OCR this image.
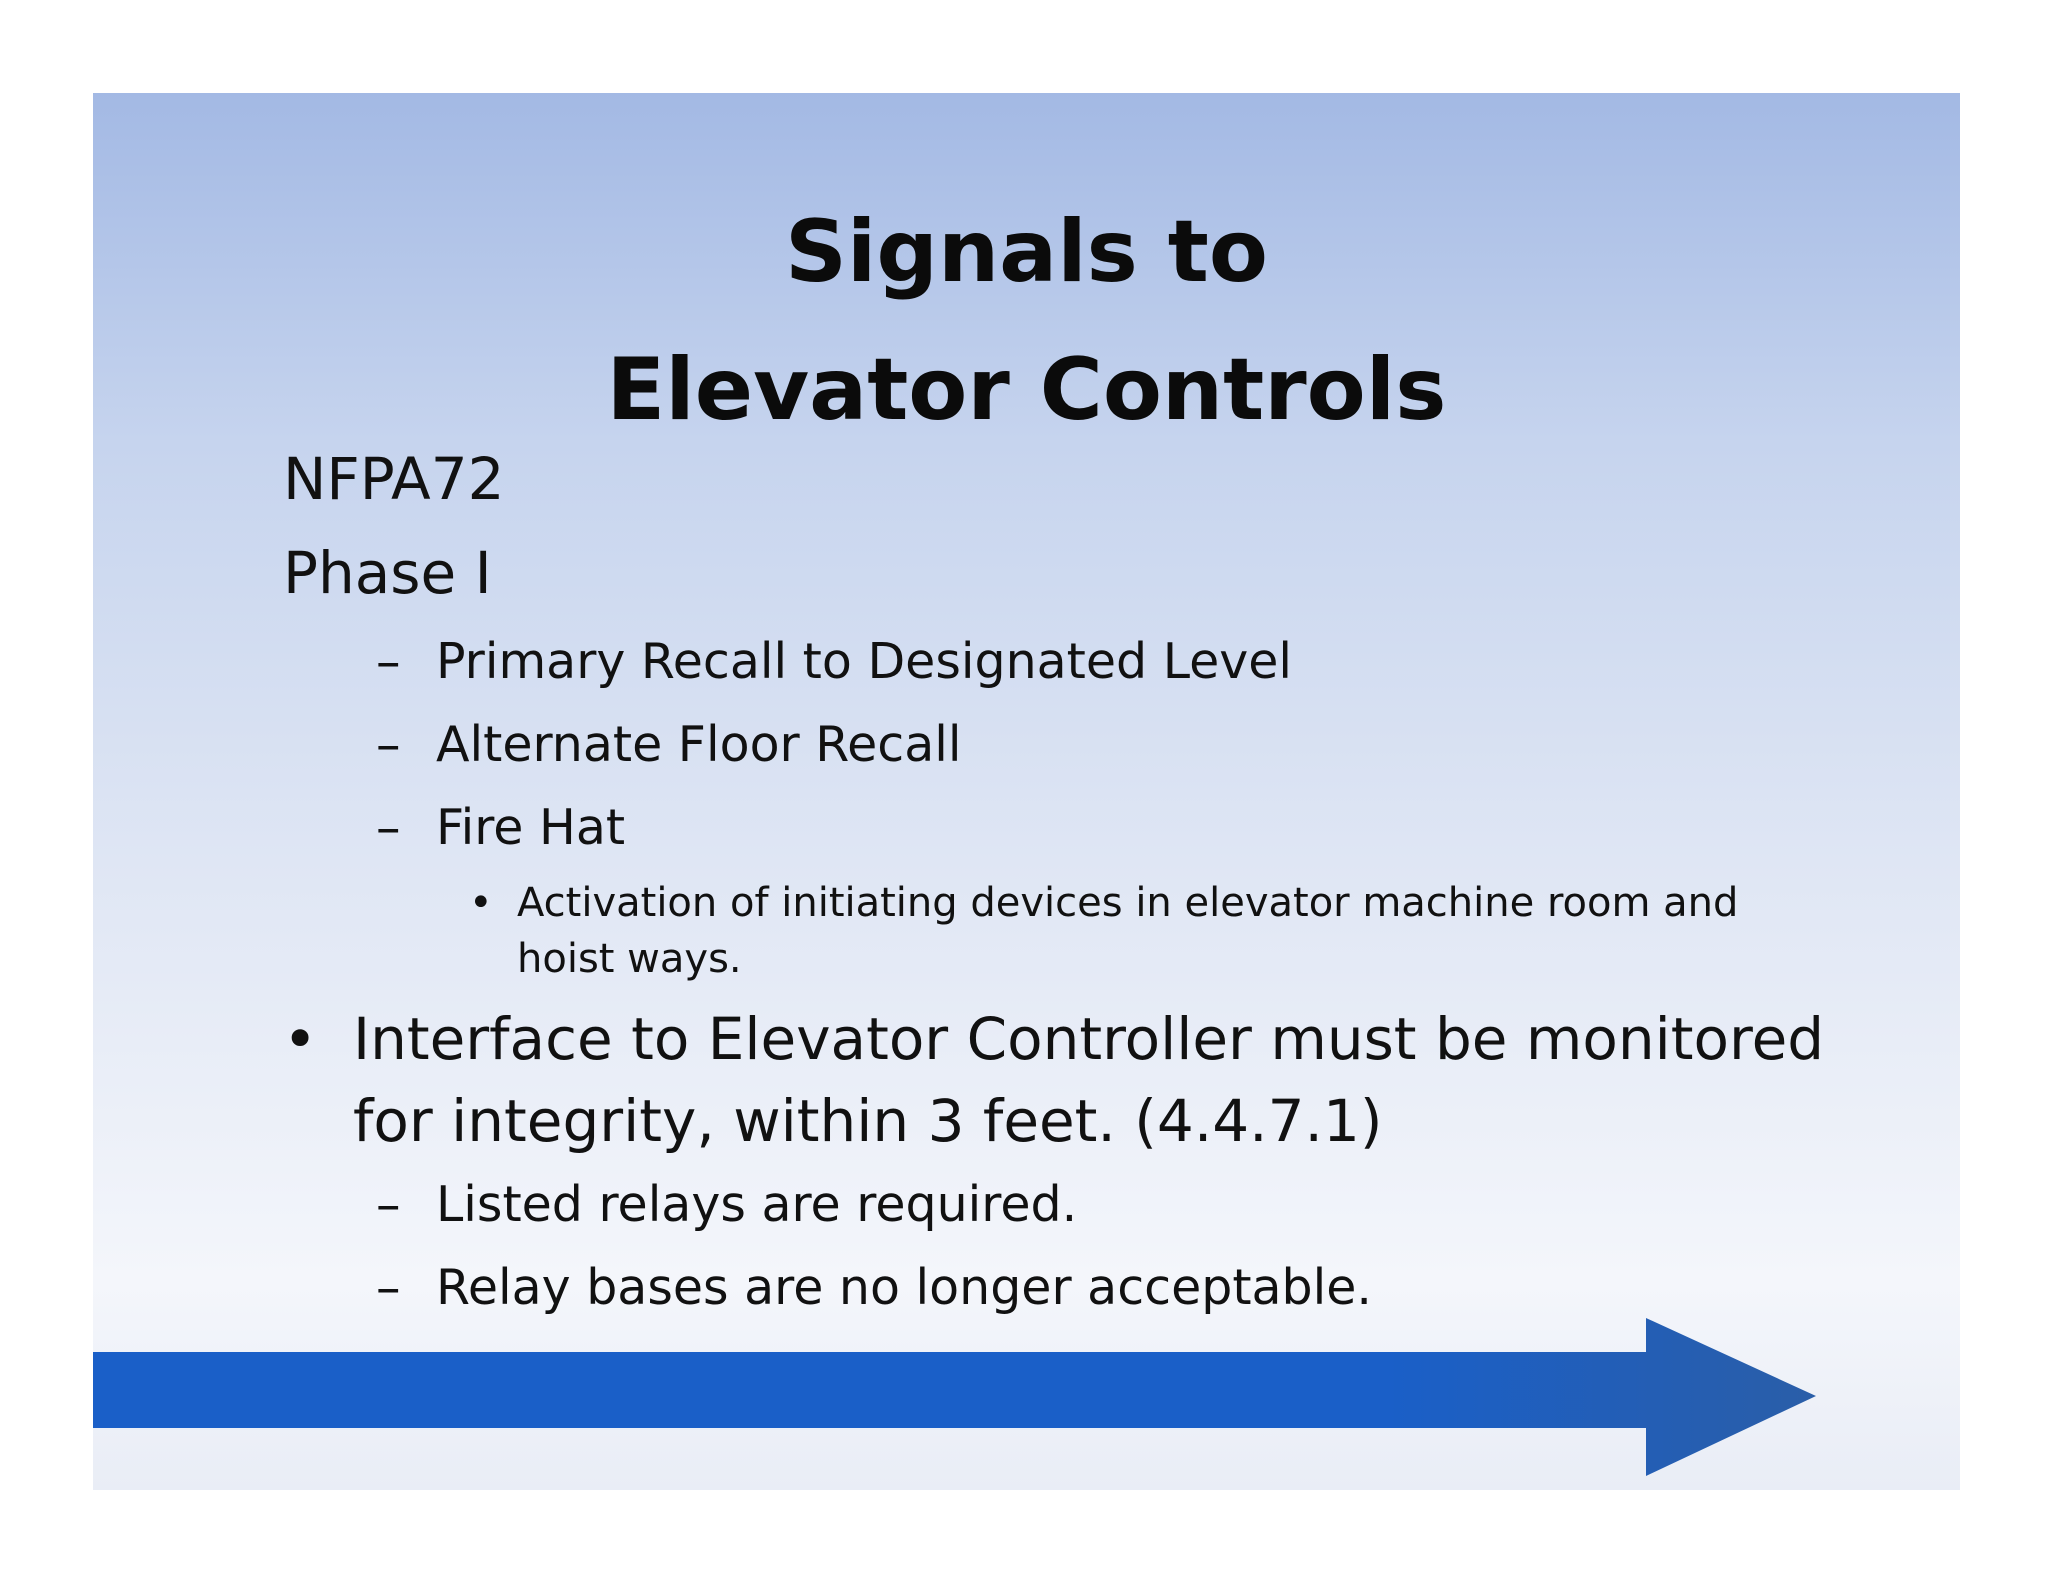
Signals to
Elevator Controls
NFPA72
Phase I
– Primary Recall to Designated Level
– Alternate Floor Recall
– Fire Hat
• Activation of initiating devices in elevator machine room and
hoist ways.
• Interface to Elevator Controller must be monitored
for integrity, within 3 feet. (4.4.7.1)
– Listed relays are required.
– Relay bases are no longer acceptable.
